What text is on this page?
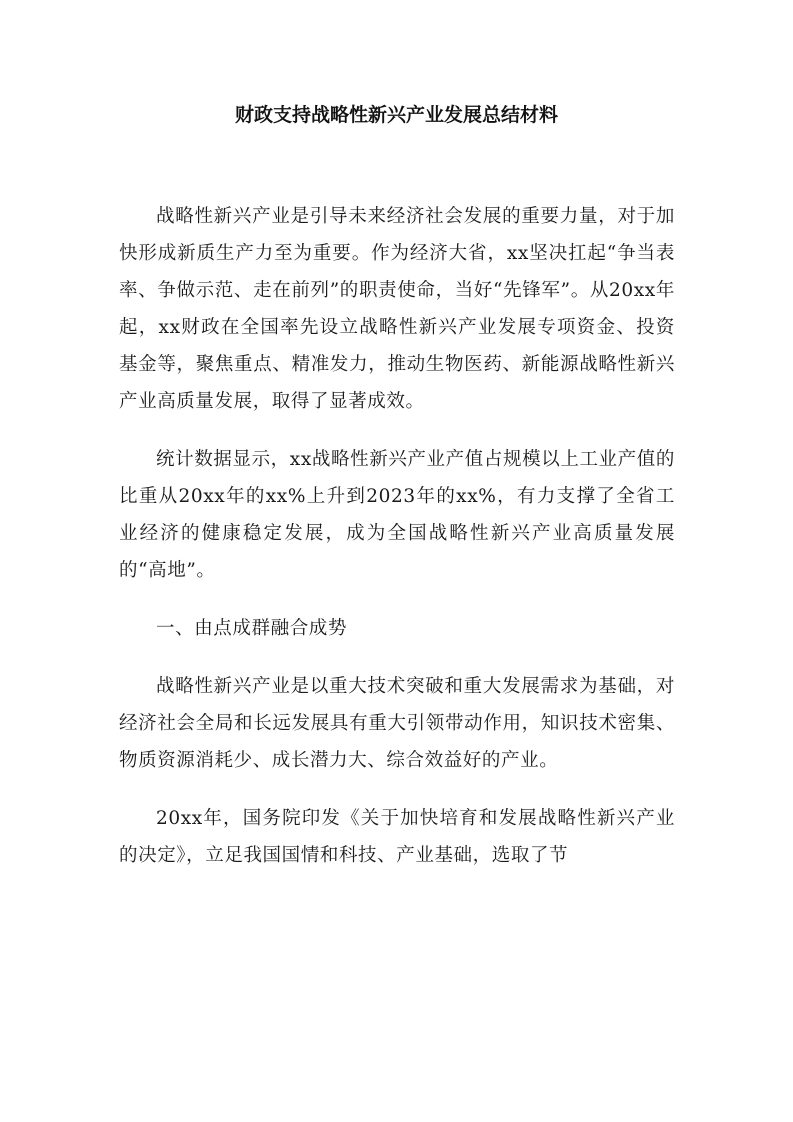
财政支持战略性新兴产业发展总结材料

战略性新兴产业是引导未来经济社会发展的重要力量，对于加快形成新质生产力至为重要。作为经济大省，xx坚决扛起“争当表率、争做示范、走在前列”的职责使命，当好“先锋军”。从20xx年起，xx财政在全国率先设立战略性新兴产业发展专项资金、投资基金等，聚焦重点、精准发力，推动生物医药、新能源战略性新兴产业高质量发展，取得了显著成效。

统计数据显示，xx战略性新兴产业产值占规模以上工业产值的比重从20xx年的xx%上升到2023年的xx%，有力支撑了全省工业经济的健康稳定发展，成为全国战略性新兴产业高质量发展的“高地”。

一、由点成群融合成势

战略性新兴产业是以重大技术突破和重大发展需求为基础，对经济社会全局和长远发展具有重大引领带动作用，知识技术密集、物质资源消耗少、成长潜力大、综合效益好的产业。

20xx年，国务院印发《关于加快培育和发展战略性新兴产业的决定》，立足我国国情和科技、产业基础，选取了节
